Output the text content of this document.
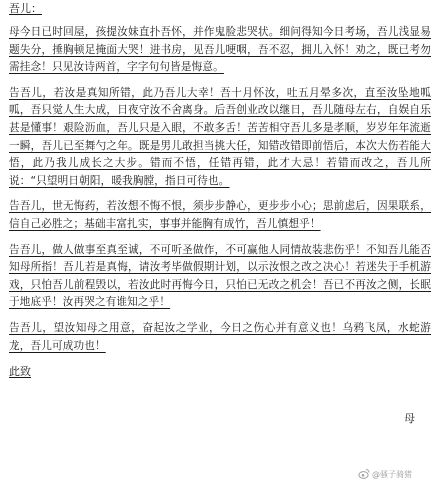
吾儿：

母今日已时回屋，孩提汝妹直扑吾怀，并作鬼脸悲哭状。细问得知今日考场，吾儿浅显易题失分，捶胸顿足掩面大哭！进书房，见吾儿哽咽，吾不忍，拥儿入怀！劝之，既已考勿需挂念！只见汝诗两首，字字句句皆是悔意。

告吾儿，若汝是真知所错，此乃吾儿大幸！吾十月怀汝，吐五月晕多次，直至汝坠地呱呱，吾只觉人生大成，日夜守汝不舍离身。后吾创业改以继日，吾儿随母左右，自娱自乐甚是懂事！艰险沥血，吾儿只是入眼，不敢多舌！苦苦相守吾儿多是孝顺，岁岁年年流逝一瞬，吾儿已至舞勺之年。既是男儿敢担当挑大任，知错改错即前悟后，本次大伤若能大悟，此乃我儿成长之大步。错而不悟，任错再错，此才大忌！若错而改之，吾儿所说：“只望明日朝阳，暖我胸膛，指日可待也。

告吾儿，世无悔药，若汝想不悔不恨，须步步静心，更步步小心；思前虑后，因果联系，信自己必胜之；基础丰富扎实，事事并能胸有成竹，吾儿慎想乎！

告吾儿，做人做事至真至诚，不可听圣做作，不可赢他人同情故装悲伤乎！不知吾儿能否知母所指！吾儿若是真悔，请汝考毕做假期计划，以示汝恨之改之决心！若迷失于手机游戏，只怕吾儿前程毁以，若汝此时再悔今日，只怕已无改之机会！吾已不再汝之侧，长眠于地底乎！汝再哭之有谁知之乎！

告吾儿，望汝知母之用意，奋起汝之学业，今日之伤心并有意义也！乌鸦飞凤，水蛇游龙，吾儿可成功也！

此致
母
@骚子骑猪
